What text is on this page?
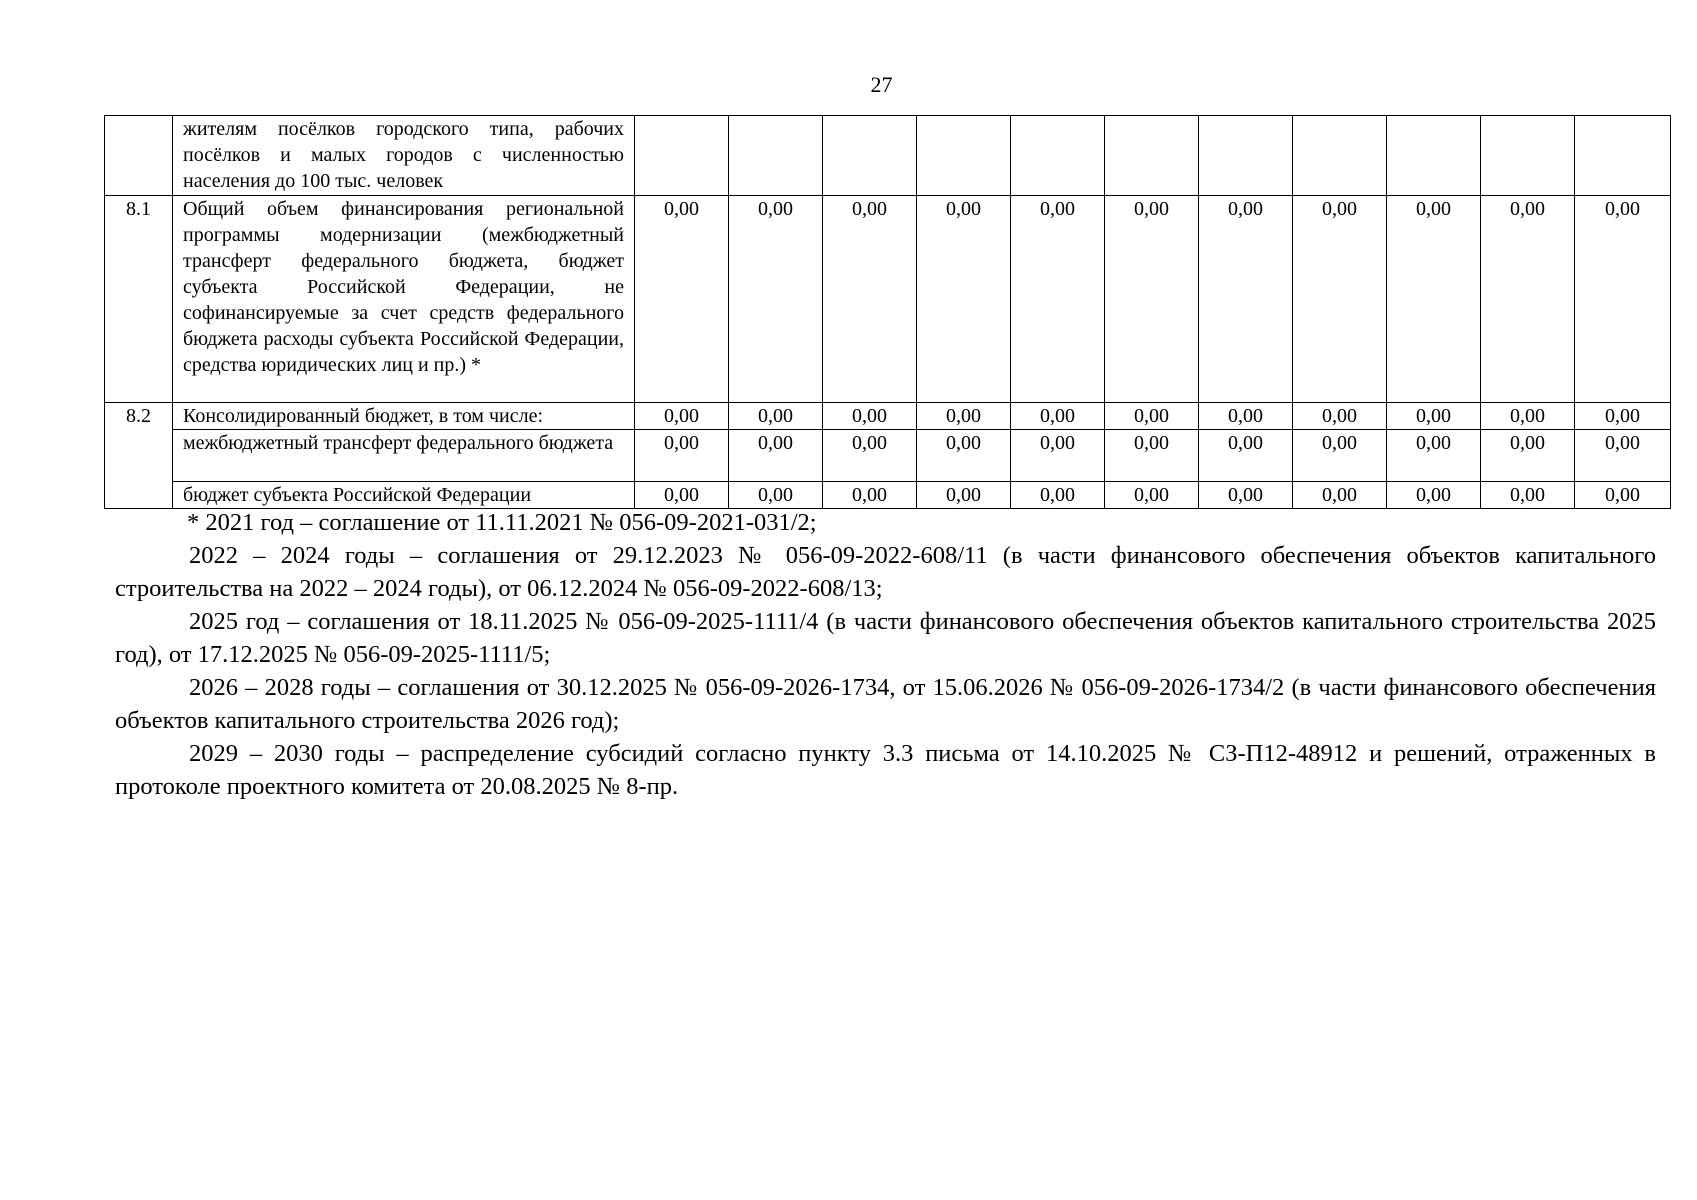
27
	жителям посёлков городского типа, рабочих посёлков и малых городов с численностью населения до 100 тыс. человек											
8.1	Общий объем финансирования региональной программы модернизации (межбюджетный трансферт федерального бюджета, бюджет субъекта Российской Федерации, не софинансируемые за счет средств федерального бюджета расходы субъекта Российской Федерации, средства юридических лиц и пр.) *	0,00	0,00	0,00	0,00	0,00	0,00	0,00	0,00	0,00	0,00	0,00
8.2	Консолидированный бюджет, в том числе:	0,00	0,00	0,00	0,00	0,00	0,00	0,00	0,00	0,00	0,00	0,00
	межбюджетный трансферт федерального бюджета	0,00	0,00	0,00	0,00	0,00	0,00	0,00	0,00	0,00	0,00	0,00
	бюджет субъекта Российской Федерации	0,00	0,00	0,00	0,00	0,00	0,00	0,00	0,00	0,00	0,00	0,00

* 2021 год – соглашение от 11.11.2021 № 056-09-2021-031/2;

2022 – 2024 годы – соглашения от 29.12.2023 № 056-09-2022-608/11 (в части финансового обеспечения объектов капитального строительства на 2022 – 2024 годы), от 06.12.2024 № 056-09-2022-608/13;

2025 год – соглашения от 18.11.2025 № 056-09-2025-1111/4 (в части финансового обеспечения объектов капитального строительства 2025 год), от 17.12.2025 № 056-09-2025-1111/5;

2026 – 2028 годы – соглашения от 30.12.2025 № 056-09-2026-1734, от 15.06.2026 № 056-09-2026-1734/2 (в части финансового обеспечения объектов капитального строительства 2026 год);

2029 – 2030 годы – распределение субсидий согласно пункту 3.3 письма от 14.10.2025 № СЗ-П12-48912 и решений, отраженных в протоколе проектного комитета от 20.08.2025 № 8-пр.
